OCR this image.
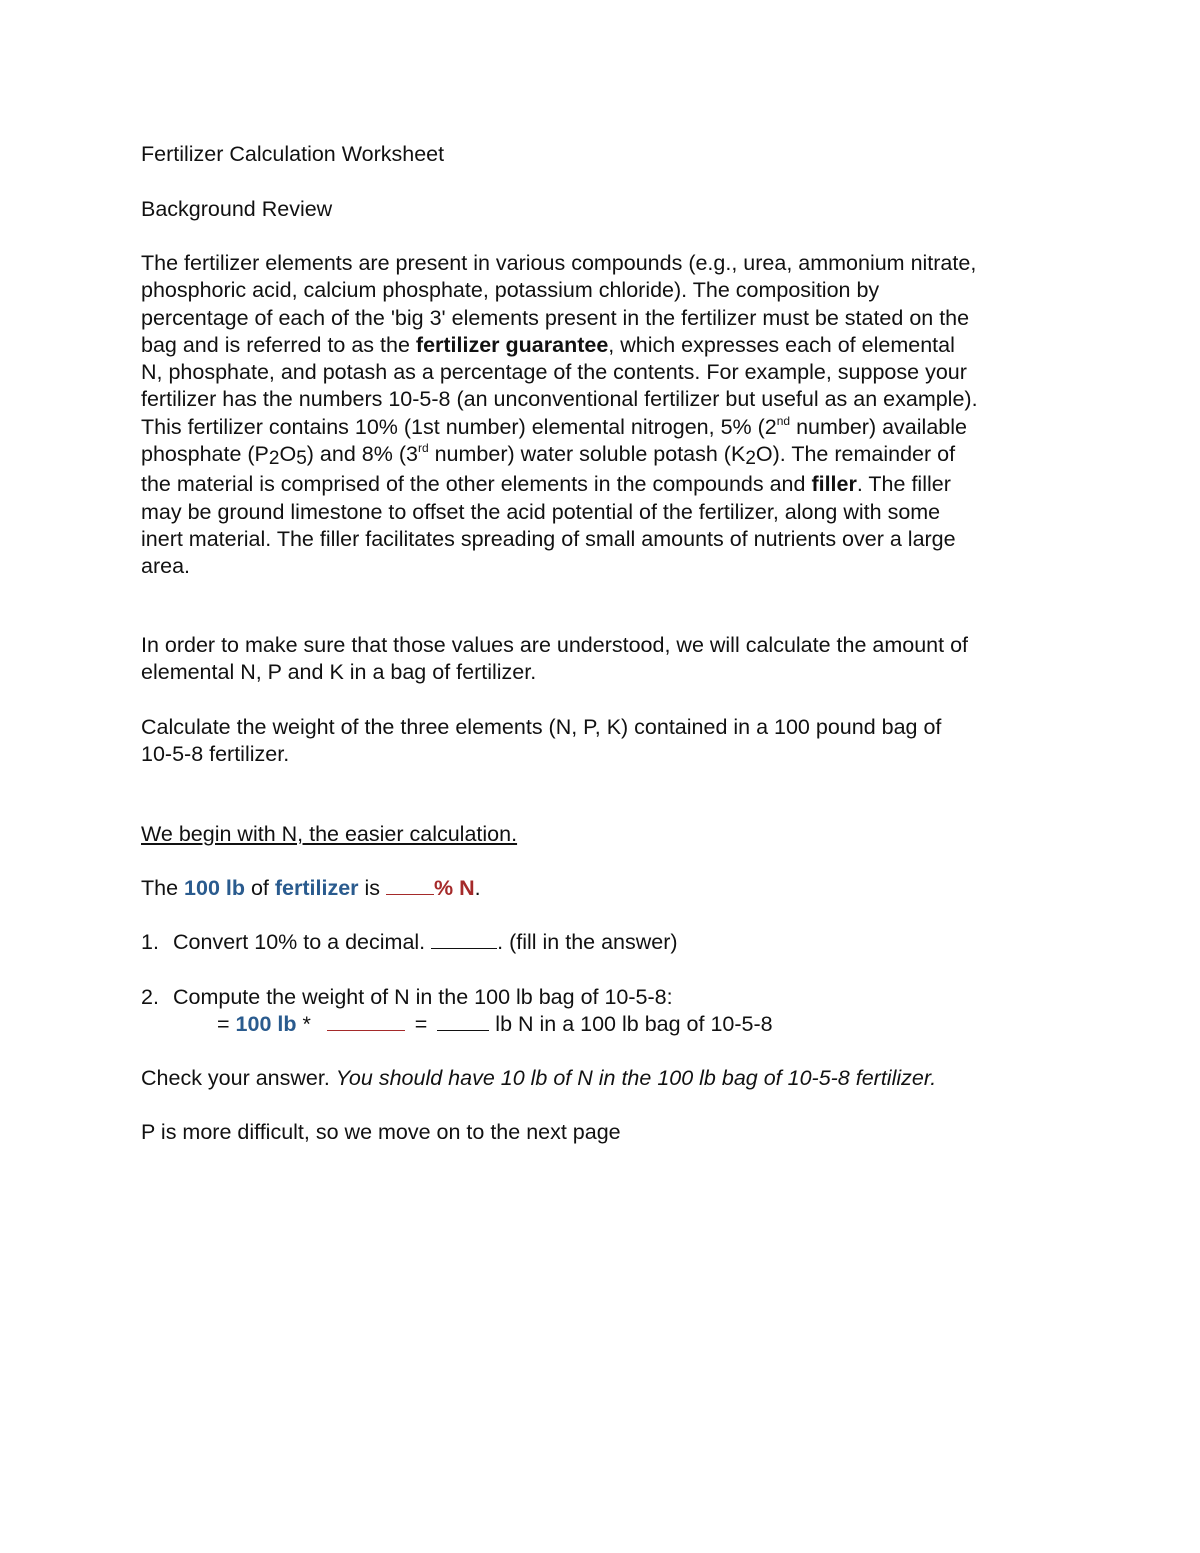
Fertilizer Calculation Worksheet

Background Review

The fertilizer elements are present in various compounds (e.g., urea, ammonium nitrate,
phosphoric acid, calcium phosphate, potassium chloride). The composition by
percentage of each of the 'big 3' elements present in the fertilizer must be stated on the
bag and is referred to as the fertilizer guarantee, which expresses each of elemental
N, phosphate, and potash as a percentage of the contents. For example, suppose your
fertilizer has the numbers 10-5-8 (an unconventional fertilizer but useful as an example).
This fertilizer contains 10% (1st number) elemental nitrogen, 5% (2nd number) available
phosphate (P2O5) and 8% (3rd number) water soluble potash (K2O). The remainder of
the material is comprised of the other elements in the compounds and filler. The filler
may be ground limestone to offset the acid potential of the fertilizer, along with some
inert material. The filler facilitates spreading of small amounts of nutrients over a large
area.
In order to make sure that those values are understood, we will calculate the amount of
elemental N, P and K in a bag of fertilizer.
Calculate the weight of the three elements (N, P, K) contained in a 100 pound bag of
10-5-8 fertilizer.

We begin with N, the easier calculation.

The 100 lb of fertilizer is % N.

1. Convert 10% to a decimal.	. (fill in the answer)

2. Compute the weight of N in the 100 lb bag of 10-5-8:
= 100 lb *	=	lb N in a 100 lb bag of 10-5-8

Check your answer. You should have 10 lb of N in the 100 lb bag of 10-5-8 fertilizer.

P is more difficult, so we move on to the next page
